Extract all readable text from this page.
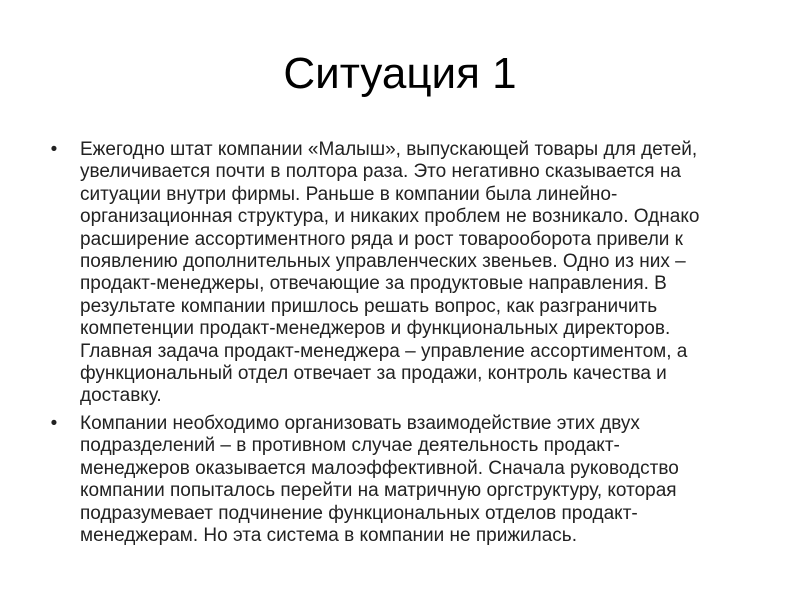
Ситуация 1
• Ежегодно штат компании «Малыш», выпускающей товары для детей, увеличивается почти в полтора раза. Это негативно сказывается на ситуации внутри фирмы. Раньше в компании была линейно-организационная структура, и никаких проблем не возникало. Однако расширение ассортиментного ряда и рост товарооборота привели к появлению дополнительных управленческих звеньев. Одно из них – продакт-менеджеры, отвечающие за продуктовые направления. В результате компании пришлось решать вопрос, как разграничить компетенции продакт-менеджеров и функциональных директоров. Главная задача продакт-менеджера – управление ассортиментом, а функциональный отдел отвечает за продажи, контроль качества и доставку.
• Компании необходимо организовать взаимодействие этих двух подразделений – в противном случае деятельность продакт-менеджеров оказывается малоэффективной. Сначала руководство компании попыталось перейти на матричную оргструктуру, которая подразумевает подчинение функциональных отделов продакт-менеджерам. Но эта система в компании не прижилась.
